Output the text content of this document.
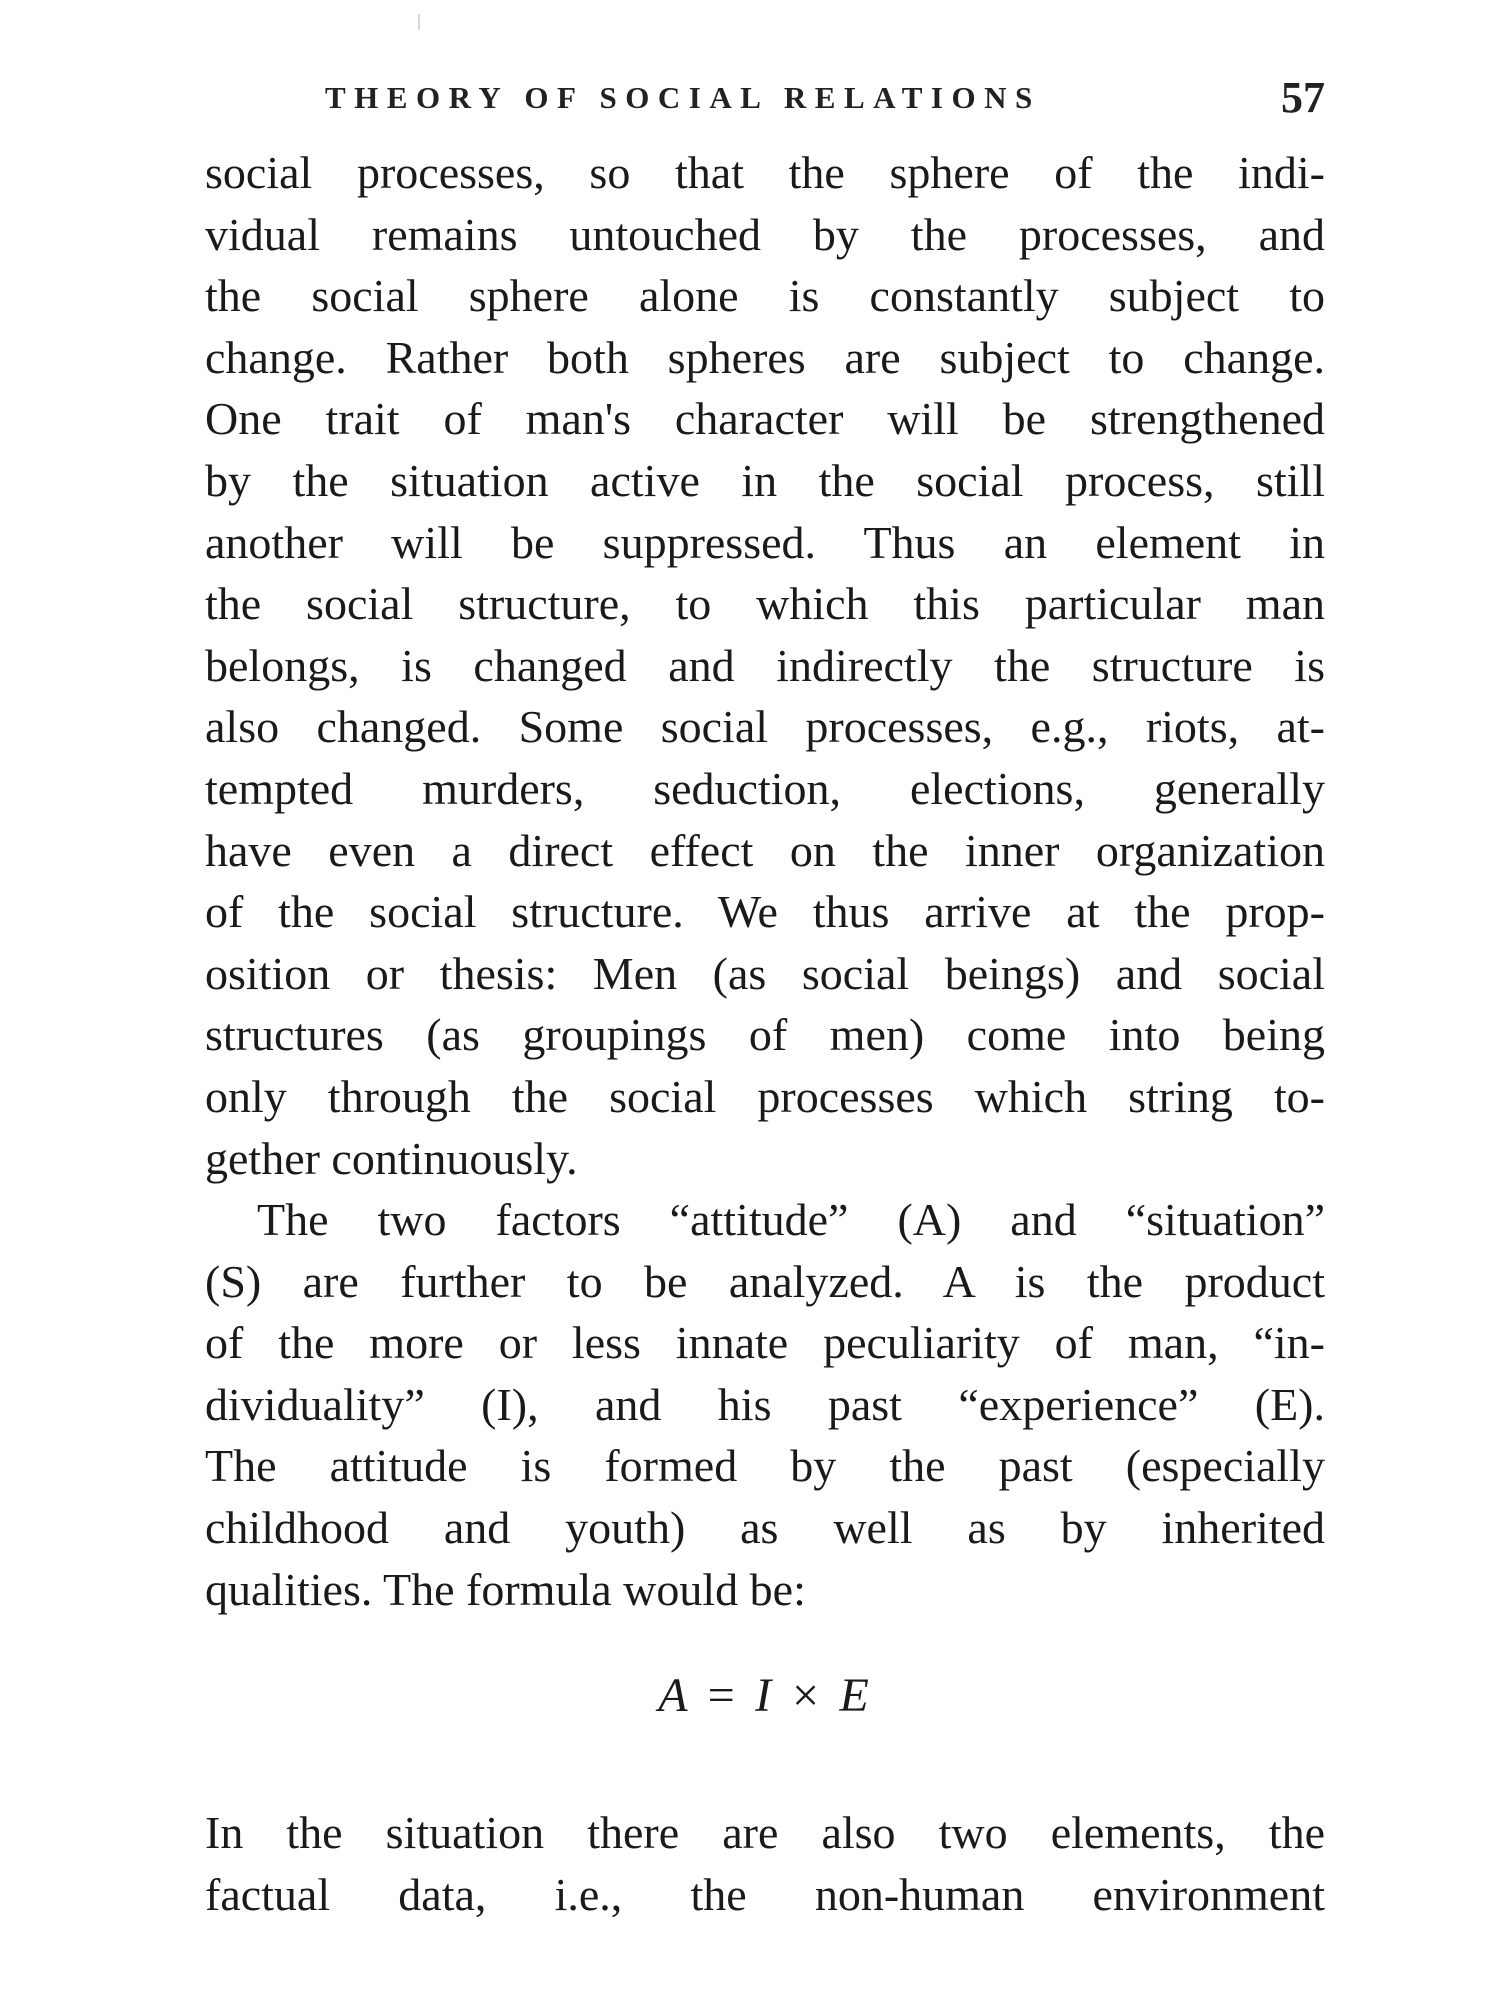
THEORY OF SOCIAL RELATIONS	57
social processes, so that the sphere of the indi-
vidual remains untouched by the processes, and
the social sphere alone is constantly subject to
change. Rather both spheres are subject to change.
One trait of man's character will be strengthened
by the situation active in the social process, still
another will be suppressed. Thus an element in
the social structure, to which this particular man
belongs, is changed and indirectly the structure is
also changed. Some social processes, e.g., riots, at-
tempted murders, seduction, elections, generally
have even a direct effect on the inner organization
of the social structure. We thus arrive at the prop-
osition or thesis: Men (as social beings) and social
structures (as groupings of men) come into being
only through the social processes which string to-
gether continuously.
The two factors “attitude” (A) and “situation”
(S) are further to be analyzed. A is the product
of the more or less innate peculiarity of man, “in-
dividuality” (I), and his past “experience” (E).
The attitude is formed by the past (especially
childhood and youth) as well as by inherited
qualities. The formula would be:
A = I × E
In the situation there are also two elements, the
factual data, i.e., the non-human environment
